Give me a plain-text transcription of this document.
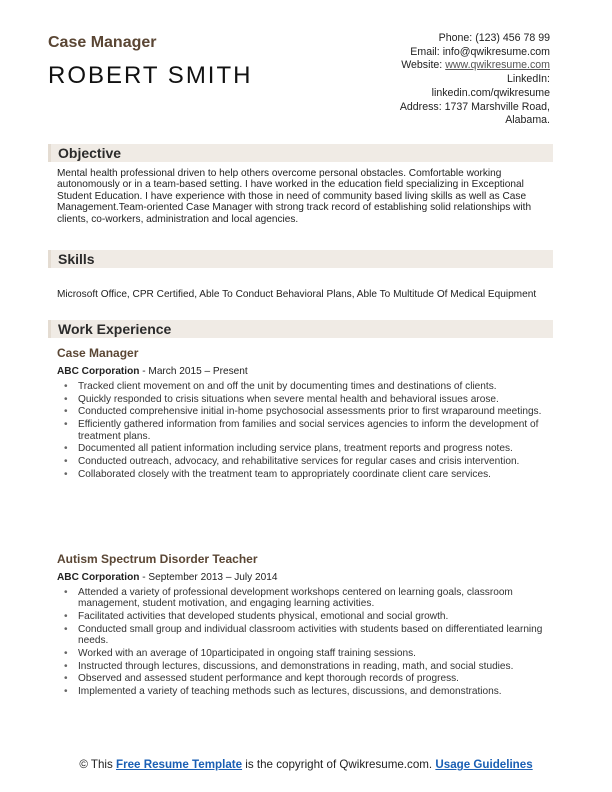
Case Manager
ROBERT SMITH
Phone: (123) 456 78 99
Email: info@qwikresume.com
Website: www.qwikresume.com
LinkedIn:
linkedin.com/qwikresume
Address: 1737 Marshville Road,
Alabama.
Objective
Mental health professional driven to help others overcome personal obstacles. Comfortable working autonomously or in a team-based setting. I have worked in the education field specializing in Exceptional Student Education. I have experience with those in need of community based living skills as well as Case Management.Team-oriented Case Manager with strong track record of establishing solid relationships with clients, co-workers, administration and local agencies.
Skills
Microsoft Office, CPR Certified, Able To Conduct Behavioral Plans, Able To Multitude Of Medical Equipment
Work Experience
Case Manager
ABC Corporation - March 2015 – Present
• Tracked client movement on and off the unit by documenting times and destinations of clients.
• Quickly responded to crisis situations when severe mental health and behavioral issues arose.
• Conducted comprehensive initial in-home psychosocial assessments prior to first wraparound meetings.
• Efficiently gathered information from families and social services agencies to inform the development of treatment plans.
• Documented all patient information including service plans, treatment reports and progress notes.
• Conducted outreach, advocacy, and rehabilitative services for regular cases and crisis intervention.
• Collaborated closely with the treatment team to appropriately coordinate client care services.
Autism Spectrum Disorder Teacher
ABC Corporation - September 2013 – July 2014
• Attended a variety of professional development workshops centered on learning goals, classroom management, student motivation, and engaging learning activities.
• Facilitated activities that developed students physical, emotional and social growth.
• Conducted small group and individual classroom activities with students based on differentiated learning needs.
• Worked with an average of 10participated in ongoing staff training sessions.
• Instructed through lectures, discussions, and demonstrations in reading, math, and social studies.
• Observed and assessed student performance and kept thorough records of progress.
• Implemented a variety of teaching methods such as lectures, discussions, and demonstrations.
© This Free Resume Template is the copyright of Qwikresume.com. Usage Guidelines
